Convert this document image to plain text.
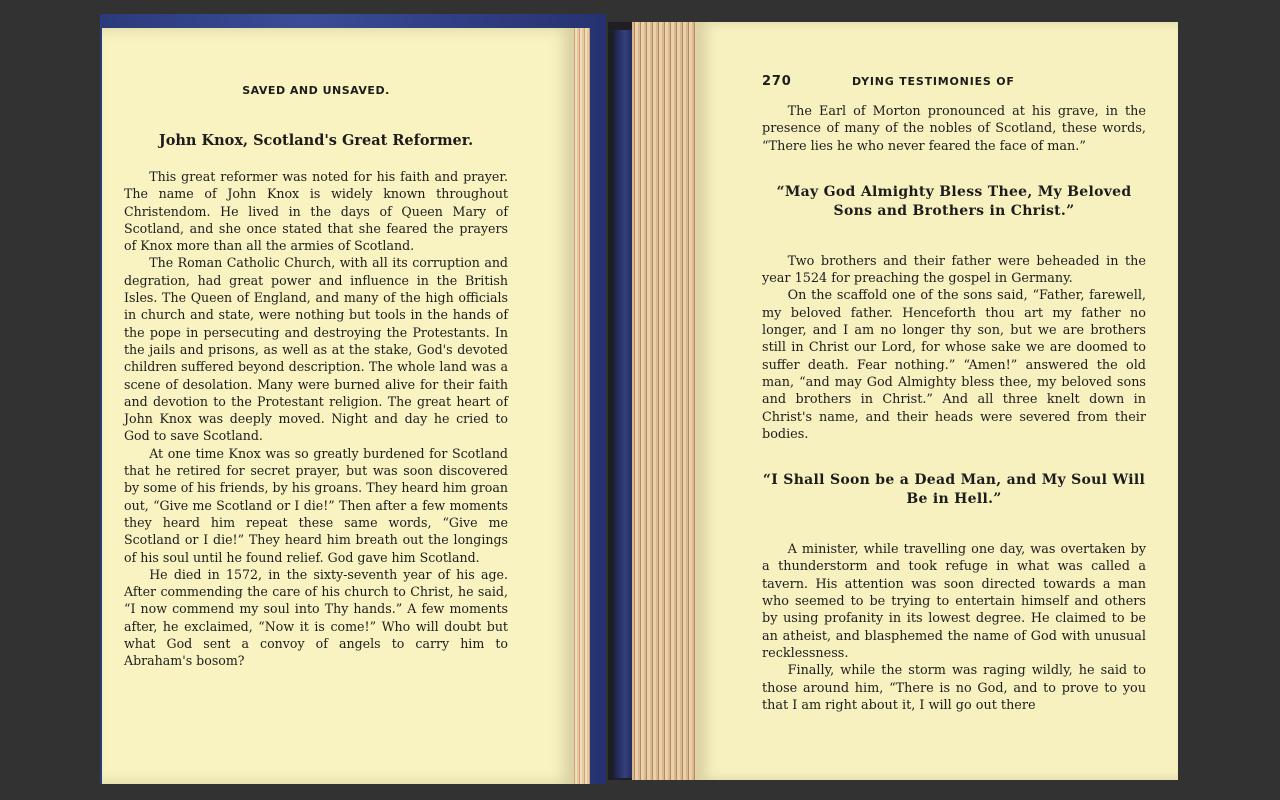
SAVED AND UNSAVED.
John Knox, Scotland's Great Reformer.

This great reformer was noted for his faith and prayer. The name of John Knox is widely known throughout Christendom. He lived in the days of Queen Mary of Scotland, and she once stated that she feared the prayers of Knox more than all the armies of Scotland.

The Roman Catholic Church, with all its corruption and degration, had great power and influence in the British Isles. The Queen of England, and many of the high officials in church and state, were nothing but tools in the hands of the pope in persecuting and destroying the Protestants. In the jails and prisons, as well as at the stake, God's devoted children suffered beyond description. The whole land was a scene of desolation. Many were burned alive for their faith and devotion to the Protestant religion. The great heart of John Knox was deeply moved. Night and day he cried to God to save Scotland.

At one time Knox was so greatly burdened for Scotland that he retired for secret prayer, but was soon discovered by some of his friends, by his groans. They heard him groan out, “Give me Scotland or I die!” Then after a few moments they heard him repeat these same words, “Give me Scotland or I die!” They heard him breath out the longings of his soul until he found relief. God gave him Scotland.

He died in 1572, in the sixty-seventh year of his age. After commending the care of his church to Christ, he said, “I now commend my soul into Thy hands.” A few moments after, he exclaimed, “Now it is come!” Who will doubt but what God sent a convoy of angels to carry him to Abraham's bosom?

270	DYING TESTIMONIES OF

The Earl of Morton pronounced at his grave, in the presence of many of the nobles of Scotland, these words, “There lies he who never feared the face of man.”

“May God Almighty Bless Thee, My Beloved Sons and Brothers in Christ.”

Two brothers and their father were beheaded in the year 1524 for preaching the gospel in Germany.

On the scaffold one of the sons said, “Father, farewell, my beloved father. Henceforth thou art my father no longer, and I am no longer thy son, but we are brothers still in Christ our Lord, for whose sake we are doomed to suffer death. Fear nothing.” “Amen!” answered the old man, “and may God Almighty bless thee, my beloved sons and brothers in Christ.” And all three knelt down in Christ's name, and their heads were severed from their bodies.

“I Shall Soon be a Dead Man, and My Soul Will Be in Hell.”

A minister, while travelling one day, was overtaken by a thunderstorm and took refuge in what was called a tavern. His attention was soon directed towards a man who seemed to be trying to entertain himself and others by using profanity in its lowest degree. He claimed to be an atheist, and blasphemed the name of God with unusual recklessness.

Finally, while the storm was raging wildly, he said to those around him, “There is no God, and to prove to you that I am right about it, I will go out there
